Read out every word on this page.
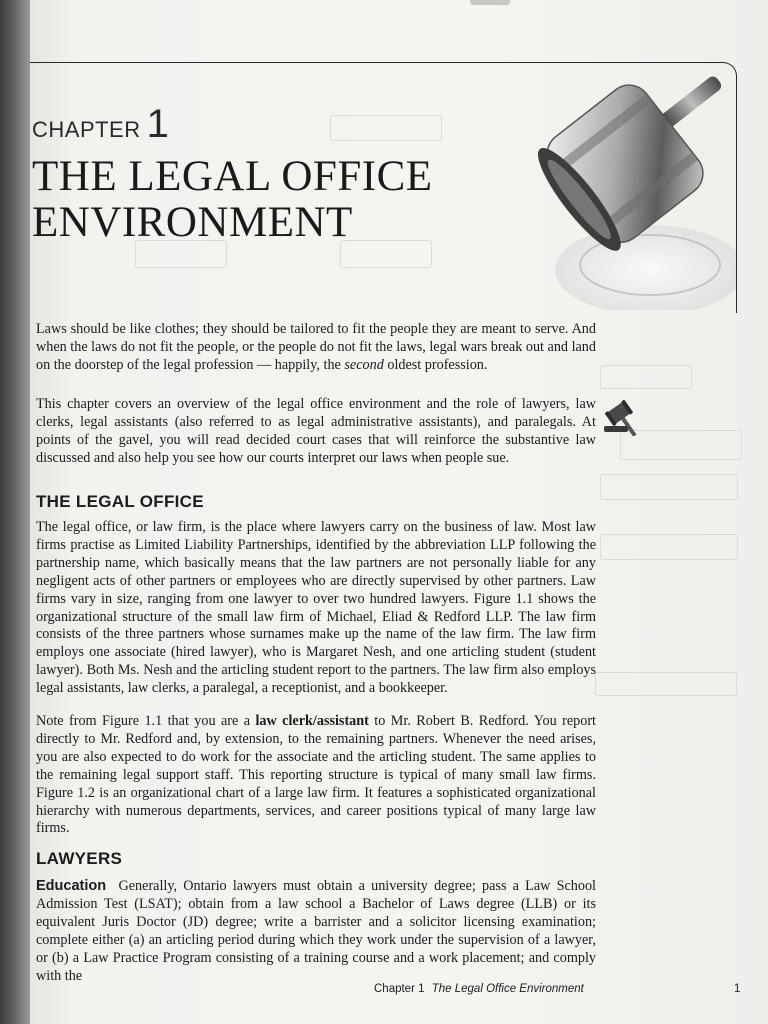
CHAPTER 1
THE LEGAL OFFICE ENVIRONMENT

Laws should be like clothes; they should be tailored to fit the people they are meant to serve. And when the laws do not fit the people, or the people do not fit the laws, legal wars break out and land on the doorstep of the legal profession — happily, the second oldest profession.

This chapter covers an overview of the legal office environment and the role of lawyers, law clerks, legal assistants (also referred to as legal administrative assistants), and paralegals. At points of the gavel, you will read decided court cases that will reinforce the substantive law discussed and also help you see how our courts interpret our laws when people sue.

THE LEGAL OFFICE

The legal office, or law firm, is the place where lawyers carry on the business of law. Most law firms practise as Limited Liability Partnerships, identified by the abbreviation LLP following the partnership name, which basically means that the law partners are not personally liable for any negligent acts of other partners or employees who are directly supervised by other partners. Law firms vary in size, ranging from one lawyer to over two hundred lawyers. Figure 1.1 shows the organizational structure of the small law firm of Michael, Eliad & Redford LLP. The law firm consists of the three partners whose surnames make up the name of the law firm. The law firm employs one associate (hired lawyer), who is Margaret Nesh, and one articling student (student lawyer). Both Ms. Nesh and the articling student report to the partners. The law firm also employs legal assistants, law clerks, a paralegal, a receptionist, and a bookkeeper.

Note from Figure 1.1 that you are a law clerk/assistant to Mr. Robert B. Redford. You report directly to Mr. Redford and, by extension, to the remaining partners. Whenever the need arises, you are also expected to do work for the associate and the articling student. The same applies to the remaining legal support staff. This reporting structure is typical of many small law firms. Figure 1.2 is an organizational chart of a large law firm. It features a sophisticated organizational hierarchy with numerous departments, services, and career positions typical of many large law firms.

LAWYERS

Education Generally, Ontario lawyers must obtain a university degree; pass a Law School Admission Test (LSAT); obtain from a law school a Bachelor of Laws degree (LLB) or its equivalent Juris Doctor (JD) degree; write a barrister and a solicitor licensing examination; complete either (a) an articling period during which they work under the supervision of a lawyer, or (b) a Law Practice Program consisting of a training course and a work placement; and comply with the

Chapter 1 The Legal Office Environment	1
